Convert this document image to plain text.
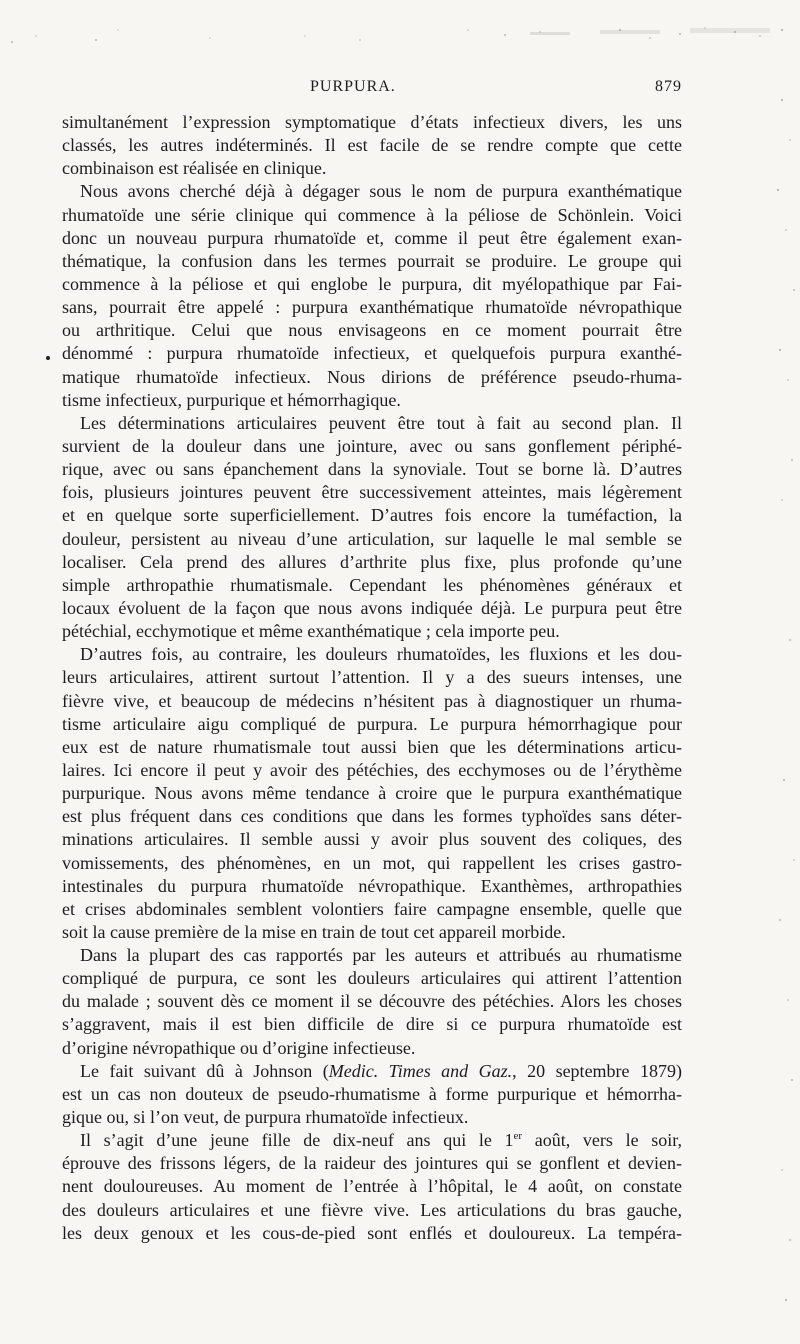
PURPURA.	879
simultanément l’expression symptomatique d’états infectieux divers, les uns
classés, les autres indéterminés. Il est facile de se rendre compte que cette
combinaison est réalisée en clinique.
Nous avons cherché déjà à dégager sous le nom de purpura exanthématique
rhumatoïde une série clinique qui commence à la péliose de Schönlein. Voici
donc un nouveau purpura rhumatoïde et, comme il peut être également exan-
thématique, la confusion dans les termes pourrait se produire. Le groupe qui
commence à la péliose et qui englobe le purpura, dit myélopathique par Fai-
sans, pourrait être appelé : purpura exanthématique rhumatoïde névropathique
ou arthritique. Celui que nous envisageons en ce moment pourrait être
dénommé : purpura rhumatoïde infectieux, et quelquefois purpura exanthé-
matique rhumatoïde infectieux. Nous dirions de préférence pseudo-rhuma-
tisme infectieux, purpurique et hémorrhagique.
Les déterminations articulaires peuvent être tout à fait au second plan. Il
survient de la douleur dans une jointure, avec ou sans gonflement périphé-
rique, avec ou sans épanchement dans la synoviale. Tout se borne là. D’autres
fois, plusieurs jointures peuvent être successivement atteintes, mais légèrement
et en quelque sorte superficiellement. D’autres fois encore la tuméfaction, la
douleur, persistent au niveau d’une articulation, sur laquelle le mal semble se
localiser. Cela prend des allures d’arthrite plus fixe, plus profonde qu’une
simple arthropathie rhumatismale. Cependant les phénomènes généraux et
locaux évoluent de la façon que nous avons indiquée déjà. Le purpura peut être
pétéchial, ecchymotique et même exanthématique ; cela importe peu.
D’autres fois, au contraire, les douleurs rhumatoïdes, les fluxions et les dou-
leurs articulaires, attirent surtout l’attention. Il y a des sueurs intenses, une
fièvre vive, et beaucoup de médecins n’hésitent pas à diagnostiquer un rhuma-
tisme articulaire aigu compliqué de purpura. Le purpura hémorrhagique pour
eux est de nature rhumatismale tout aussi bien que les déterminations articu-
laires. Ici encore il peut y avoir des pétéchies, des ecchymoses ou de l’érythème
purpurique. Nous avons même tendance à croire que le purpura exanthématique
est plus fréquent dans ces conditions que dans les formes typhoïdes sans déter-
minations articulaires. Il semble aussi y avoir plus souvent des coliques, des
vomissements, des phénomènes, en un mot, qui rappellent les crises gastro-
intestinales du purpura rhumatoïde névropathique. Exanthèmes, arthropathies
et crises abdominales semblent volontiers faire campagne ensemble, quelle que
soit la cause première de la mise en train de tout cet appareil morbide.
Dans la plupart des cas rapportés par les auteurs et attribués au rhumatisme
compliqué de purpura, ce sont les douleurs articulaires qui attirent l’attention
du malade ; souvent dès ce moment il se découvre des pétéchies. Alors les choses
s’aggravent, mais il est bien difficile de dire si ce purpura rhumatoïde est
d’origine névropathique ou d’origine infectieuse.
Le fait suivant dû à Johnson (Medic. Times and Gaz., 20 septembre 1879)
est un cas non douteux de pseudo-rhumatisme à forme purpurique et hémorrha-
gique ou, si l’on veut, de purpura rhumatoïde infectieux.
Il s’agit d’une jeune fille de dix-neuf ans qui le 1er août, vers le soir,
éprouve des frissons légers, de la raideur des jointures qui se gonflent et devien-
nent douloureuses. Au moment de l’entrée à l’hôpital, le 4 août, on constate
des douleurs articulaires et une fièvre vive. Les articulations du bras gauche,
les deux genoux et les cous-de-pied sont enflés et douloureux. La tempéra-
